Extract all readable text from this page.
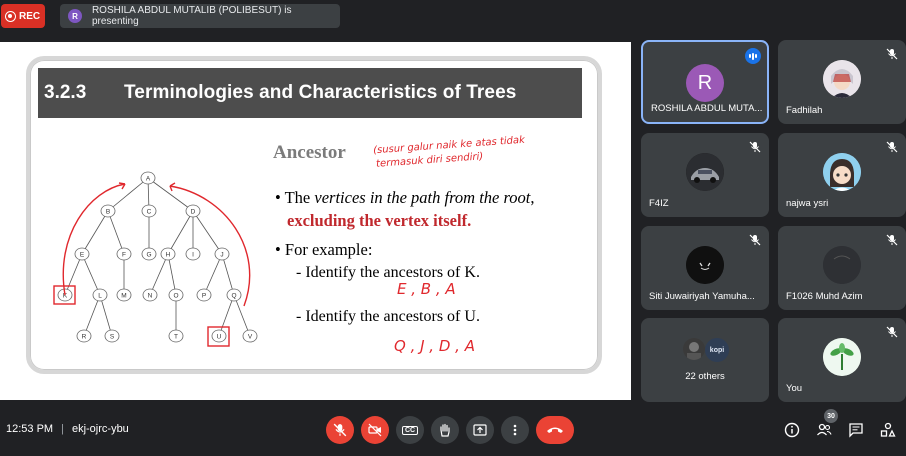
REC	R	ROSHILA ABDUL MUTALIB (POLIBESUT) is presenting
3.2.3	Terminologies and Characteristics of Trees
A
B	C	D
E	F	G H	I	J
K	L	M	N	O	P	Q
R	S	T	U	V
Ancestor	(susur galur naik ke atas tidak
termasuk diri sendiri)
• The vertices in the path from the root,
excluding the vertex itself.
• For example:
- Identify the ancestors of K.
E , B , A
- Identify the ancestors of U.
Q , J , D , A
R
ROSHILA ABDUL MUTA... Fadhilah
F4IZ	najwa ysri
Siti Juwairiyah Yamuha...	F1026 Muhd Azim
kopi
22 others
You
12:53 PM | ekj-ojrc-ybu	CC
30
